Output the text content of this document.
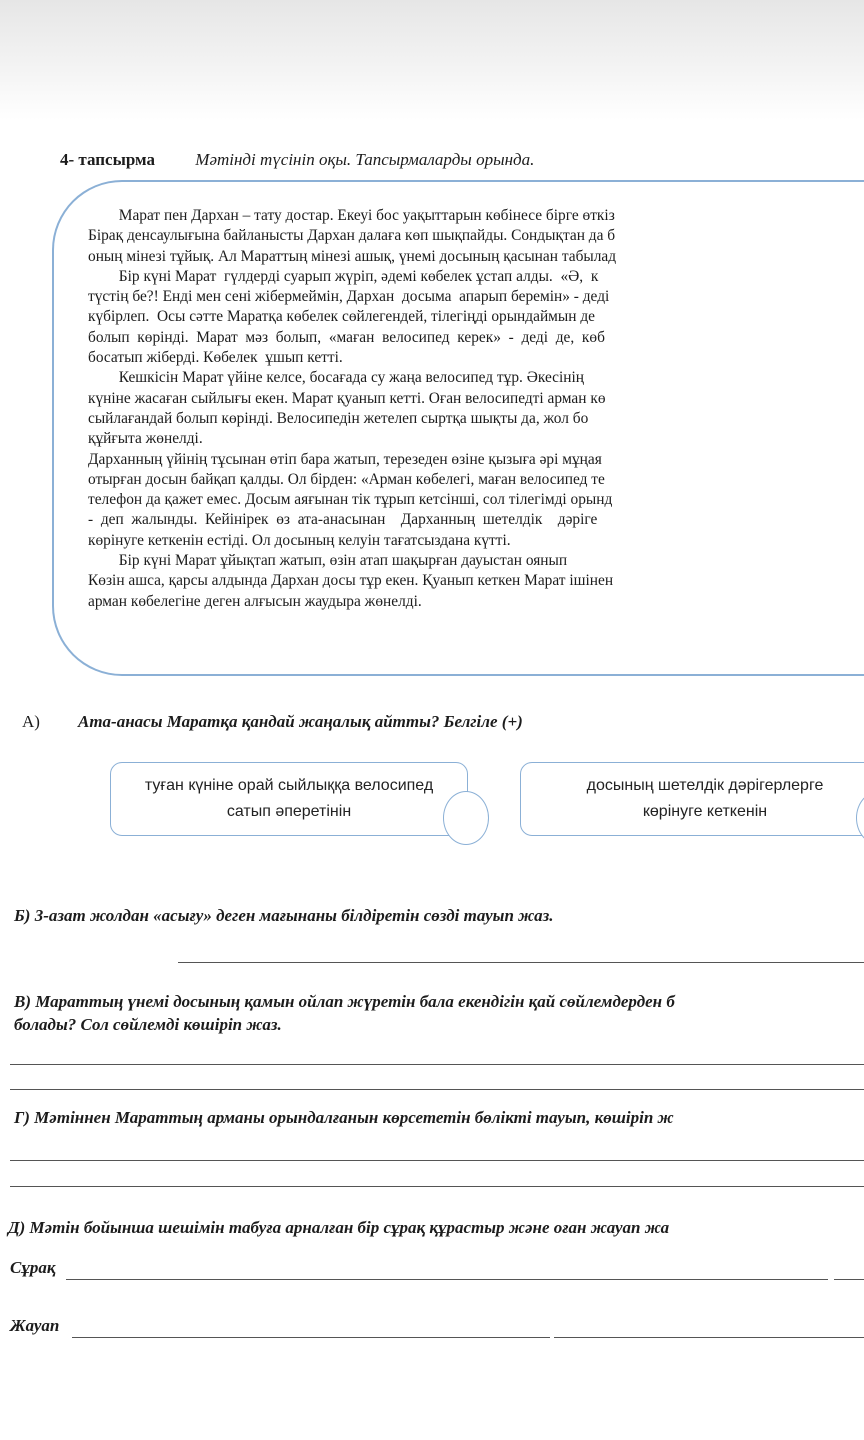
4- тапсырма Мәтінді түсініп оқы. Тапсырмаларды орында.
Марат пен Дархан – тату достар. Екеуі бос уақыттарын көбінесе бірге өткіз
Бірақ денсаулығына байланысты Дархан далаға көп шықпайды. Сондықтан да б
оның мінезі тұйық. Ал Мараттың мінезі ашық, үнемі досының қасынан табылад
Бір күні Марат  гүлдерді суарып жүріп, әдемі көбелек ұстап алды.  «Ә,  к
түстің бе?! Енді мен сені жібермеймін, Дархан  досыма  апарып беремін» - деді
күбірлеп.  Осы сәтте Маратқа көбелек сөйлегендей, тілегіңді орындаймын де
болып  көрінді.  Марат  мәз  болып,  «маған  велосипед  керек»  -  деді  де,  көб
босатып жіберді. Көбелек  ұшып кетті.
Кешкісін Марат үйіне келсе, босағада су жаңа велосипед тұр. Әкесінің
күніне жасаған сыйлығы екен. Марат қуанып кетті. Оған велосипедті арман кө
сыйлағандай болып көрінді. Велосипедін жетелеп сыртқа шықты да, жол бо
құйғыта жөнелді.
Дарханның үйінің тұсынан өтіп бара жатып, терезеден өзіне қызыға әрі мұңая
отырған досын байқап қалды. Ол бірден: «Арман көбелегі, маған велосипед те
телефон да қажет емес. Досым аяғынан тік тұрып кетсінші, сол тілегімді орынд
-  деп  жалынды.  Кейінірек  өз  ата-анасынан    Дарханның  шетелдік    дәріге
көрінуге кеткенін естіді. Ол досының келуін тағатсыздана күтті.
Бір күні Марат ұйықтап жатып, өзін атап шақырған дауыстан оянып
Көзін ашса, қарсы алдында Дархан досы тұр екен. Қуанып кеткен Марат ішінен
арман көбелегіне деген алғысын жаудыра жөнелді.
А) Ата-анасы Маратқа қандай жаңалық айтты? Белгіле (+)
туған күніне орай сыйлыққа велосипед
сатып әперетінін
досының шетелдік дәрігерлерге
көрінуге кеткенін
Б) 3-азат жолдан «асығу» деген мағынаны білдіретін сөзді тауып жаз.
В) Мараттың үнемі досының қамын ойлап жүретін бала екендігін қай сөйлемдерден б
болады? Сол сөйлемді көшіріп жаз.
Г) Мәтіннен Мараттың арманы орындалғанын көрсететін бөлікті тауып, көшіріп ж
Д) Мәтін бойынша шешімін табуға арналған бір сұрақ құрастыр және оған жауап жа
Сұрақ
Жауап
